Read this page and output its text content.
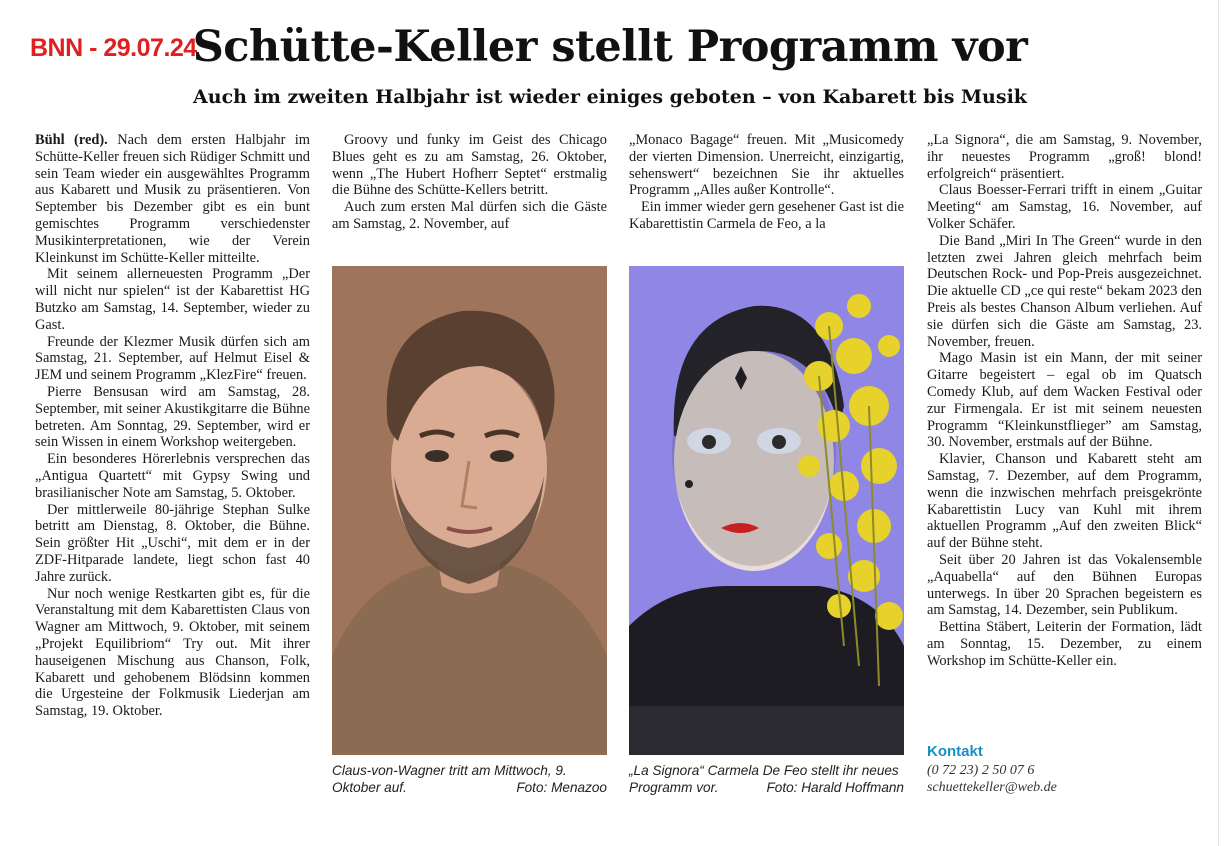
BNN - 29.07.24
Schütte-Keller stellt Programm vor
Auch im zweiten Halbjahr ist wieder einiges geboten – von Kabarett bis Musik

Bühl (red). Nach dem ersten Halbjahr im Schütte-Keller freuen sich Rüdiger Schmitt und sein Team wieder ein ausgewähltes Programm aus Kabarett und Musik zu präsentieren. Von September bis Dezember gibt es ein bunt gemischtes Programm verschiedenster Musikinterpretationen, wie der Verein Kleinkunst im Schütte-Keller mitteilte.

Mit seinem allerneuesten Programm „Der will nicht nur spielen“ ist der Kabarettist HG Butzko am Samstag, 14. September, wieder zu Gast.

Freunde der Klezmer Musik dürfen sich am Samstag, 21. September, auf Helmut Eisel & JEM und seinem Programm „KlezFire“ freuen.

Pierre Bensusan wird am Samstag, 28. September, mit seiner Akustikgitarre die Bühne betreten. Am Sonntag, 29. September, wird er sein Wissen in einem Workshop weitergeben.

Ein besonderes Hörerlebnis versprechen das „Antigua Quartett“ mit Gypsy Swing und brasilianischer Note am Samstag, 5. Oktober.

Der mittlerweile 80-jährige Stephan Sulke betritt am Dienstag, 8. Oktober, die Bühne. Sein größter Hit „Uschi“, mit dem er in der ZDF-Hitparade landete, liegt schon fast 40 Jahre zurück.

Nur noch wenige Restkarten gibt es, für die Veranstaltung mit dem Kabarettisten Claus von Wagner am Mittwoch, 9. Oktober, mit seinem „Projekt Equilibriom“ Try out. Mit ihrer hauseigenen Mischung aus Chanson, Folk, Kabarett und gehobenem Blödsinn kommen die Urgesteine der Folkmusik Liederjan am Samstag, 19. Oktober.

Groovy und funky im Geist des Chicago Blues geht es zu am Samstag, 26. Oktober, wenn „The Hubert Hofherr Septet“ erstmalig die Bühne des Schütte-Kellers betritt.

Auch zum ersten Mal dürfen sich die Gäste am Samstag, 2. November, auf

„Monaco Bagage“ freuen. Mit „Musicomedy der vierten Dimension. Unerreicht, einzigartig, sehenswert“ bezeichnen Sie ihr aktuelles Programm „Alles außer Kontrolle“.

Ein immer wieder gern gesehener Gast ist die Kabarettistin Carmela de Feo, a la

„La Signora“, die am Samstag, 9. November, ihr neuestes Programm „groß! blond! erfolgreich“ präsentiert.

Claus Boesser-Ferrari trifft in einem „Guitar Meeting“ am Samstag, 16. November, auf Volker Schäfer.

Die Band „Miri In The Green“ wurde in den letzten zwei Jahren gleich mehrfach beim Deutschen Rock- und Pop-Preis ausgezeichnet. Die aktuelle CD „ce qui reste“ bekam 2023 den Preis als bestes Chanson Album verliehen. Auf sie dürfen sich die Gäste am Samstag, 23. November, freuen.

Mago Masin ist ein Mann, der mit seiner Gitarre begeistert – egal ob im Quatsch Comedy Klub, auf dem Wacken Festival oder zur Firmengala. Er ist mit seinem neuesten Programm “Kleinkunstflieger” am Samstag, 30. November, erstmals auf der Bühne.

Klavier, Chanson und Kabarett steht am Samstag, 7. Dezember, auf dem Programm, wenn die inzwischen mehrfach preisgekrönte Kabarettistin Lucy van Kuhl mit ihrem aktuellen Programm „Auf den zweiten Blick“ auf der Bühne steht.

Seit über 20 Jahren ist das Vokalensemble „Aquabella“ auf den Bühnen Europas unterwegs. In über 20 Sprachen begeistern es am Samstag, 14. Dezember, sein Publikum.

Bettina Stäbert, Leiterin der Formation, lädt am Sonntag, 15. Dezember, zu einem Workshop im Schütte-Keller ein.

Claus-von-Wagner tritt am Mittwoch, 9. Oktober auf.	Foto: Menazoo
„La Signora“ Carmela De Feo stellt ihr neues Programm vor.	Foto: Harald Hoffmann
Kontakt
(0 72 23) 2 50 07 6
schuettekeller@web.de
